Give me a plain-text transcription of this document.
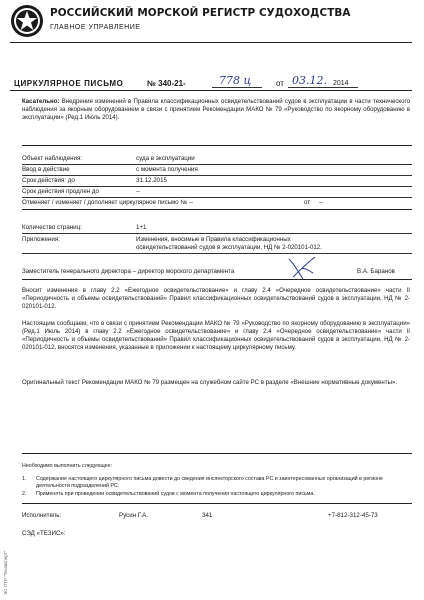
РОССИЙСКИЙ МОРСКОЙ РЕГИСТР СУДОХОДСТВА
ГЛАВНОЕ УПРАВЛЕНИЕ
ЦИРКУЛЯРНОЕ ПИСЬМО	№ 340-21-	778 ц	от 03.12. 2014
Касательно: Внедрения изменений в Правила классификационных освидетельствований судов в эксплуатации в части технического наблюдения за якорным оборудованием в связи с принятием Рекомендации МАКО № 79 «Руководство по якорному оборудованию в эксплуатации» (Ред.1 Июль 2014).
Объект наблюдения:	суда в эксплуатации
Ввод в действие	с момента получения
Срок действия: до	31.12.2015
Срок действия продлен до	--
Отменяет / изменяет / дополняет циркулярное письмо № --	от --
Количество страниц:	1+1
Приложения:	Изменения, вносимые в Правила классификационных освидетельствований судов в эксплуатации, НД № 2-020101-012.
Заместитель генерального директора – директор морского департамента	В.А. Баранов
Вносит изменения в главу 2.2 «Ежегодное освидетельствование» и главу 2.4 «Очередное освидетельствование» части II «Периодичность и объемы освидетельствований» Правил классификационных освидетельствований судов в эксплуатации, НД № 2-020101-012.
Настоящим сообщаем, что в связи с принятием Рекомендации МАКО № 79 «Руководство по якорному оборудованию в эксплуатации» (Ред.1 Июль 2014) в главу 2.2 «Ежегодное освидетельствование» и главу 2.4 «Очередное освидетельствование» части II «Периодичность и объемы освидетельствований» Правил классификационных освидетельствований судов в эксплуатации, НД № 2-020101-012, вносятся изменения, указанные в приложении к настоящему циркулярному письму.
Оригинальный текст Рекомендации МАКО № 79 размещен на служебном сайте РС в разделе «Внешние нормативные документы».
Необходимо выполнить следующее:
1. Содержание настоящего циркулярного письма довести до сведения инспекторского состава РС и заинтересованных организаций в регионе деятельности подразделений РС.
2. Применять при проведении освидетельствований судов с момента получения настоящего циркулярного письма.
Исполнитель:	Русин Г.А.	341	+7-812-312-45-73
СЭД «ТЕЗИС»:
ЭС ПТР "Техэксперт"
